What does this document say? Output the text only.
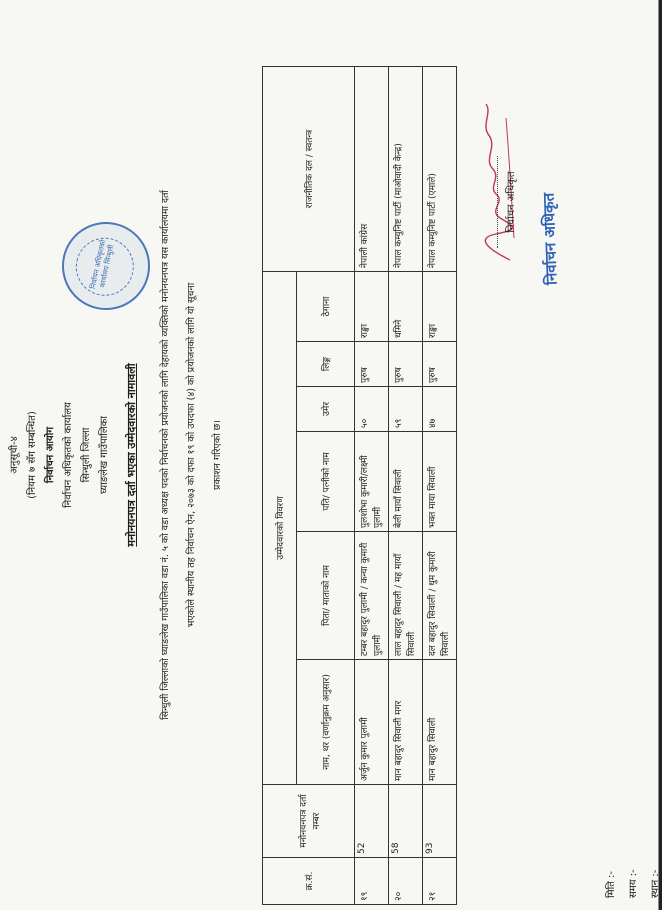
अनुसूची-४ (नियम ७ सँग सम्बन्धित) निर्वाचन आयोग निर्वाचन अधिकृतको कार्यालय सिन्धुली जिल्ला घ्याङलेख गाउँपालिका मनोनयनपत्र दर्ता भएका उम्मेदवारको नामावली
निर्वाचन अधिकृतको कार्यालय सिन्धुली	सिन्धुली जिल्लाको घ्याङलेख गाउँपालिका वडा नं. ५ को वडा अध्यक्ष पदको निर्वाचनको प्रयोजनको लागि देहायको व्यक्तिको मनोनयनपत्र यस कार्यालयमा दर्ता भएकोले स्थानीय तह निर्वाचन ऐन, २०७३ को दफा १९ को उपदफा (४) को प्रयोजनको लागि यो सूचना प्रकाशन गरिएको छ।
क्र.सं.	मनोनयनपत्र दर्ता नम्बर	उम्मेदवारको विवरण						राजनीतिक दल / स्वतन्त्र
		नाम, थर (वर्णानुक्रम अनुसार)	पिता/ माताको नाम	पति/ पत्नीको नाम	उमेर	लिङ्ग	ठेगाना	
१९	52	अर्जुन कुमार पुलामी	टम्बर बहादुर पुलामी / कन्या कुमारी पुलामी	पुलशोभा कुमारी/लक्ष्मी पुलामी	५०	पुरुष	राङ्खा	नेपाली कांग्रेस
२०	58	मान बहादुर सिवाली मगर	लाल बहादुर सिवाली / मह मायाँ सिवाली	बेली मायाँ सिवाली	५९	पुरुष	धमिने	नेपाल कम्युनिष्ट पार्टी (माओवादी केन्द्र)
२१	93	मान बहादुर सिवाली	दल बहादुर सिवाली / धुम कुमारी सिवाली	भक्त माया सिवाली	४७	पुरुष	राङ्खा	नेपाल कम्युनिष्ट पार्टी (एमाले)
मिति :-	समय :-	स्थान :-
निर्वाचन अधिकृत निर्वाचन अधिकृत
